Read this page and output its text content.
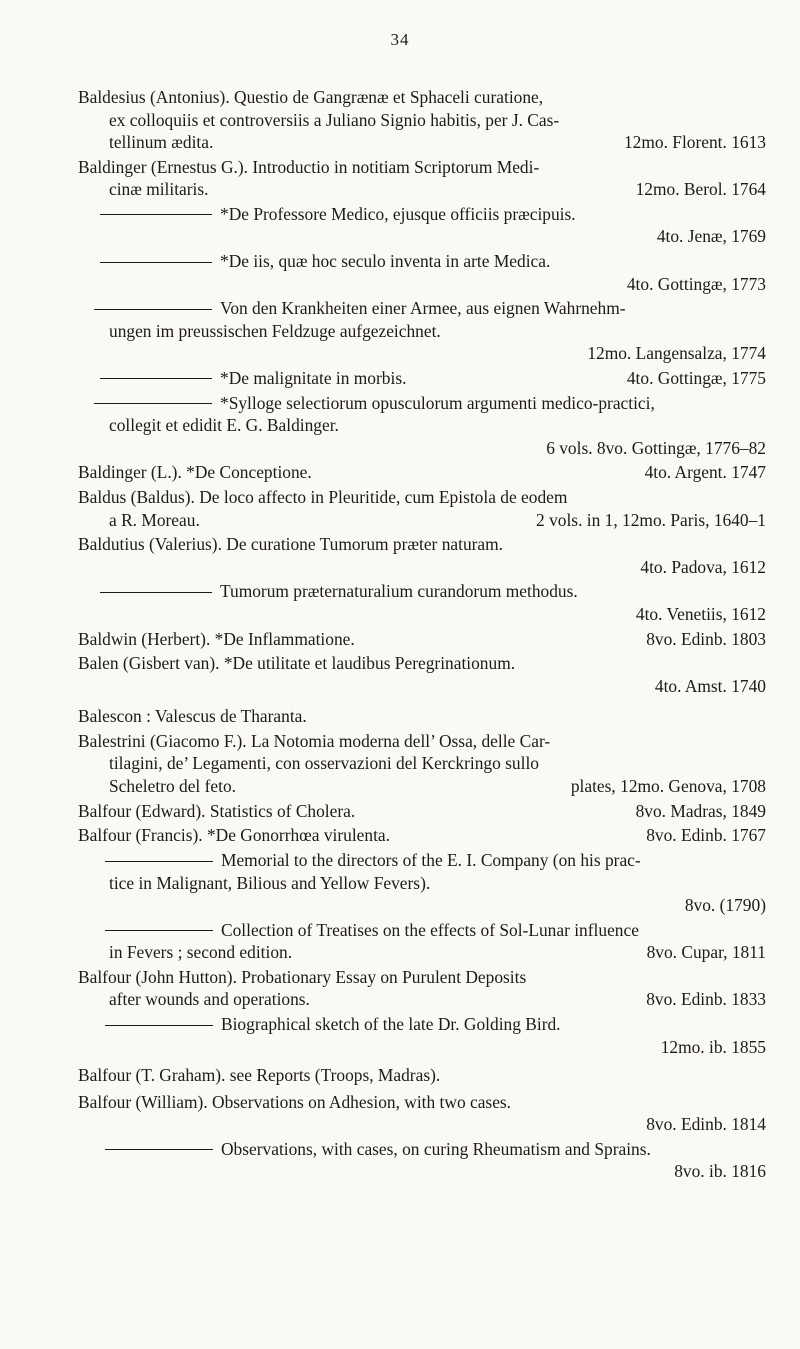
34
Baldesius (Antonius). Questio de Gangrænæ et Sphaceli curatione,
ex colloquiis et controversiis a Juliano Signio habitis, per J. Cas-
tellinum ædita.	12mo. Florent. 1613
Baldinger (Ernestus G.). Introductio in notitiam Scriptorum Medi-
cinæ militaris.	12mo. Berol. 1764
*De Professore Medico, ejusque officiis præcipuis.
4to. Jenæ, 1769
*De iis, quæ hoc seculo inventa in arte Medica.
4to. Gottingæ, 1773
Von den Krankheiten einer Armee, aus eignen Wahrnehm-
ungen im preussischen Feldzuge aufgezeichnet.
12mo. Langensalza, 1774
*De malignitate in morbis.	4to. Gottingæ, 1775
*Sylloge selectiorum opusculorum argumenti medico-practici,
collegit et edidit E. G. Baldinger.
6 vols. 8vo. Gottingæ, 1776–82
Baldinger (L.). *De Conceptione.	4to. Argent. 1747
Baldus (Baldus). De loco affecto in Pleuritide, cum Epistola de eodem
a R. Moreau.	2 vols. in 1, 12mo. Paris, 1640–1
Baldutius (Valerius). De curatione Tumorum præter naturam.
4to. Padova, 1612
Tumorum præternaturalium curandorum methodus.
4to. Venetiis, 1612
Baldwin (Herbert). *De Inflammatione.	8vo. Edinb. 1803
Balen (Gisbert van). *De utilitate et laudibus Peregrinationum.
4to. Amst. 1740
Balescon : Valescus de Tharanta.
Balestrini (Giacomo F.). La Notomia moderna dell’ Ossa, delle Car-
tilagini, de’ Legamenti, con osservazioni del Kerckringo sullo
Scheletro del feto.	plates, 12mo. Genova, 1708
Balfour (Edward). Statistics of Cholera.	8vo. Madras, 1849
Balfour (Francis). *De Gonorrhœa virulenta.	8vo. Edinb. 1767
Memorial to the directors of the E. I. Company (on his prac-
tice in Malignant, Bilious and Yellow Fevers).
8vo. (1790)
Collection of Treatises on the effects of Sol-Lunar influence
in Fevers ; second edition.	8vo. Cupar, 1811
Balfour (John Hutton). Probationary Essay on Purulent Deposits
after wounds and operations.	8vo. Edinb. 1833
Biographical sketch of the late Dr. Golding Bird.
12mo. ib. 1855
Balfour (T. Graham). see Reports (Troops, Madras).
Balfour (William). Observations on Adhesion, with two cases.
8vo. Edinb. 1814
Observations, with cases, on curing Rheumatism and Sprains.
8vo. ib. 1816
